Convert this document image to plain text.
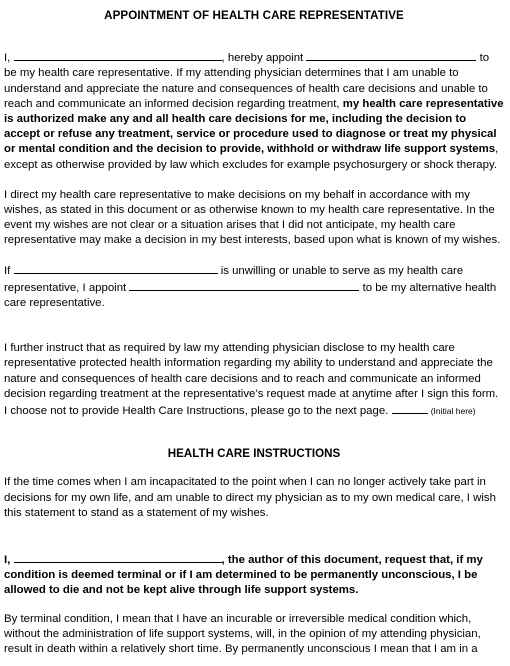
APPOINTMENT OF HEALTH CARE REPRESENTATIVE

I,	, hereby appoint	to be my health care representative. If my attending physician determines that I am unable to understand and appreciate the nature and consequences of health care decisions and unable to reach and communicate an informed decision regarding treatment, my health care representative is authorized make any and all health care decisions for me, including the decision to accept or refuse any treatment, service or procedure used to diagnose or treat my physical or mental condition and the decision to provide, withhold or withdraw life support systems, except as otherwise provided by law which excludes for example psychosurgery or shock therapy.

I direct my health care representative to make decisions on my behalf in accordance with my wishes, as stated in this document or as otherwise known to my health care representative. In the event my wishes are not clear or a situation arises that I did not anticipate, my health care representative may make a decision in my best interests, based upon what is known of my wishes.

If	is unwilling or unable to serve as my health care representative, I appoint	to be my alternative health care representative.

I further instruct that as required by law my attending physician disclose to my health care representative protected health information regarding my ability to understand and appreciate the nature and consequences of health care decisions and to reach and communicate an informed decision regarding treatment at the representative’s request made at anytime after I sign this form.

I choose not to provide Health Care Instructions, please go to the next page.	(Initial here)

HEALTH CARE INSTRUCTIONS

If the time comes when I am incapacitated to the point when I can no longer actively take part in decisions for my own life, and am unable to direct my physician as to my own medical care, I wish this statement to stand as a statement of my wishes.

I,	, the author of this document, request that, if my condition is deemed terminal or if I am determined to be permanently unconscious, I be allowed to die and not be kept alive through life support systems.

By terminal condition, I mean that I have an incurable or irreversible medical condition which, without the administration of life support systems, will, in the opinion of my attending physician, result in death within a relatively short time. By permanently unconscious I mean that I am in a
